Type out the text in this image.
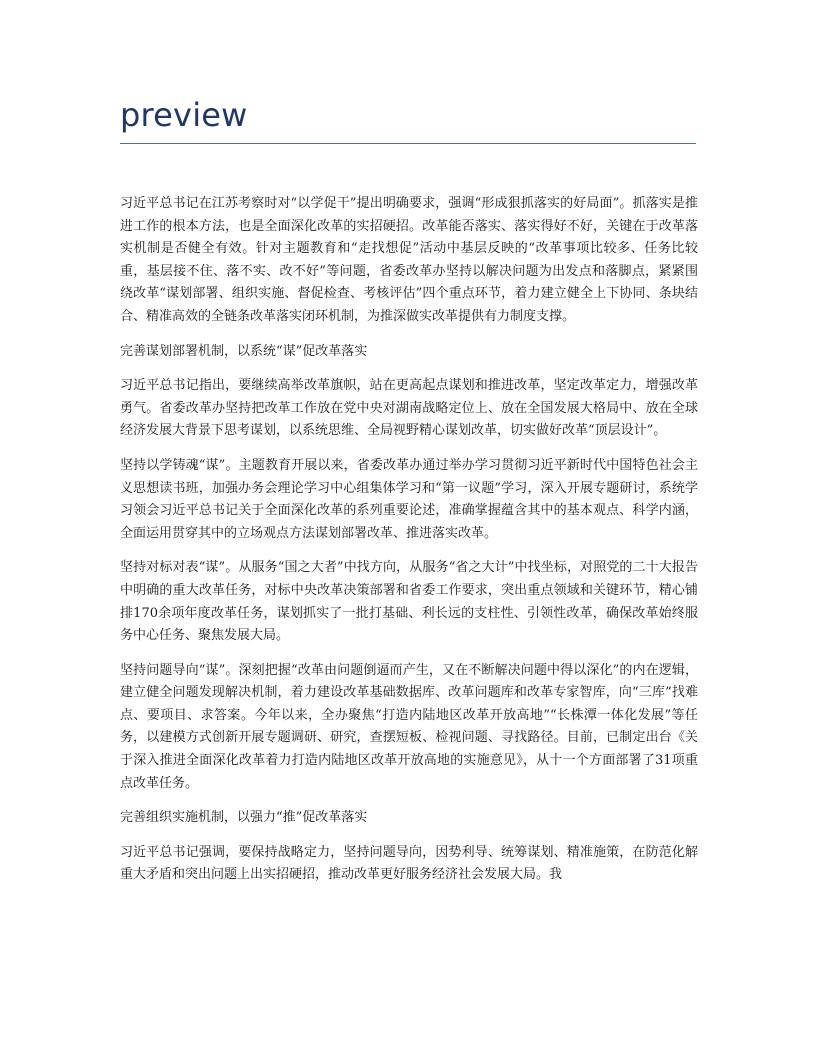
preview

习近平总书记在江苏考察时对“以学促干”提出明确要求，强调“形成狠抓落实的好局面”。抓落实是推进工作的根本方法，也是全面深化改革的实招硬招。改革能否落实、落实得好不好，关键在于改革落实机制是否健全有效。针对主题教育和“走找想促”活动中基层反映的“改革事项比较多、任务比较重，基层接不住、落不实、改不好”等问题，省委改革办坚持以解决问题为出发点和落脚点，紧紧围绕改革“谋划部署、组织实施、督促检查、考核评估”四个重点环节，着力建立健全上下协同、条块结合、精准高效的全链条改革落实闭环机制，为推深做实改革提供有力制度支撑。

完善谋划部署机制，以系统“谋”促改革落实

习近平总书记指出，要继续高举改革旗帜，站在更高起点谋划和推进改革，坚定改革定力，增强改革勇气。省委改革办坚持把改革工作放在党中央对湖南战略定位上、放在全国发展大格局中、放在全球经济发展大背景下思考谋划，以系统思维、全局视野精心谋划改革，切实做好改革“顶层设计”。

坚持以学铸魂“谋”。主题教育开展以来，省委改革办通过举办学习贯彻习近平新时代中国特色社会主义思想读书班，加强办务会理论学习中心组集体学习和“第一议题”学习，深入开展专题研讨，系统学习领会习近平总书记关于全面深化改革的系列重要论述，准确掌握蕴含其中的基本观点、科学内涵，全面运用贯穿其中的立场观点方法谋划部署改革、推进落实改革。

坚持对标对表“谋”。从服务“国之大者”中找方向，从服务“省之大计”中找坐标，对照党的二十大报告中明确的重大改革任务，对标中央改革决策部署和省委工作要求，突出重点领域和关键环节，精心铺排170余项年度改革任务，谋划抓实了一批打基础、利长远的支柱性、引领性改革，确保改革始终服务中心任务、聚焦发展大局。

坚持问题导向“谋”。深刻把握“改革由问题倒逼而产生，又在不断解决问题中得以深化”的内在逻辑，建立健全问题发现解决机制，着力建设改革基础数据库、改革问题库和改革专家智库，向“三库”找难点、要项目、求答案。今年以来，全办聚焦“打造内陆地区改革开放高地”“长株潭一体化发展”等任务，以建模方式创新开展专题调研、研究，查摆短板、检视问题、寻找路径。目前，已制定出台《关于深入推进全面深化改革着力打造内陆地区改革开放高地的实施意见》，从十一个方面部署了31项重点改革任务。

完善组织实施机制，以强力“推”促改革落实

习近平总书记强调，要保持战略定力，坚持问题导向，因势利导、统筹谋划、精准施策，在防范化解重大矛盾和突出问题上出实招硬招，推动改革更好服务经济社会发展大局。我
